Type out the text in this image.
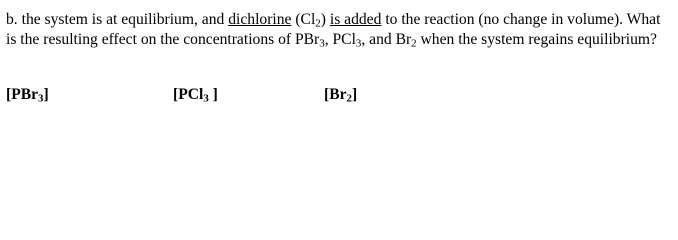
b. the system is at equilibrium, and dichlorine $(Cl_2)$ is added to the reaction (no change in volume). What is the resulting effect on the concentrations of PBr$_3$, PCl$_3$, and $Br_2$ when the system regains equilibrium?

[PBr$_3$]	[PCl$_3$ ]	$[Br_2]$
